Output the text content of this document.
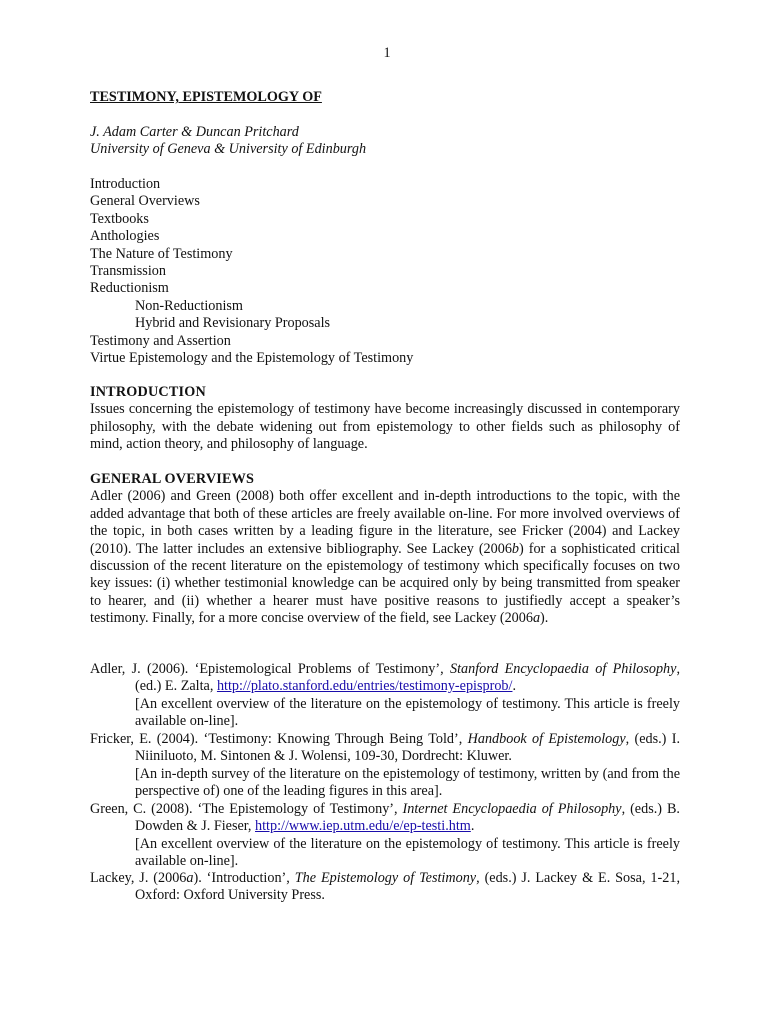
1
TESTIMONY, EPISTEMOLOGY OF
J. Adam Carter & Duncan Pritchard
University of Geneva & University of Edinburgh
Introduction
General Overviews
Textbooks
Anthologies
The Nature of Testimony
Transmission
Reductionism
Non-Reductionism
Hybrid and Revisionary Proposals
Testimony and Assertion
Virtue Epistemology and the Epistemology of Testimony
INTRODUCTION

Issues concerning the epistemology of testimony have become increasingly discussed in contemporary philosophy, with the debate widening out from epistemology to other fields such as philosophy of mind, action theory, and philosophy of language.

GENERAL OVERVIEWS

Adler (2006) and Green (2008) both offer excellent and in-depth introductions to the topic, with the added advantage that both of these articles are freely available on-line. For more involved overviews of the topic, in both cases written by a leading figure in the literature, see Fricker (2004) and Lackey (2010). The latter includes an extensive bibliography. See Lackey (2006b) for a sophisticated critical discussion of the recent literature on the epistemology of testimony which specifically focuses on two key issues: (i) whether testimonial knowledge can be acquired only by being transmitted from speaker to hearer, and (ii) whether a hearer must have positive reasons to justifiedly accept a speaker’s testimony. Finally, for a more concise overview of the field, see Lackey (2006a).

Adler, J. (2006). ‘Epistemological Problems of Testimony’, Stanford Encyclopaedia of Philosophy, (ed.) E. Zalta, http://plato.stanford.edu/entries/testimony-episprob/.
[An excellent overview of the literature on the epistemology of testimony. This article is freely available on-line].
Fricker, E. (2004). ‘Testimony: Knowing Through Being Told’, Handbook of Epistemology, (eds.) I. Niiniluoto, M. Sintonen & J. Wolensi, 109-30, Dordrecht: Kluwer.
[An in-depth survey of the literature on the epistemology of testimony, written by (and from the perspective of) one of the leading figures in this area].
Green, C. (2008). ‘The Epistemology of Testimony’, Internet Encyclopaedia of Philosophy, (eds.) B. Dowden & J. Fieser, http://www.iep.utm.edu/e/ep-testi.htm.
[An excellent overview of the literature on the epistemology of testimony. This article is freely available on-line].
Lackey, J. (2006a). ‘Introduction’, The Epistemology of Testimony, (eds.) J. Lackey & E. Sosa, 1-21, Oxford: Oxford University Press.
